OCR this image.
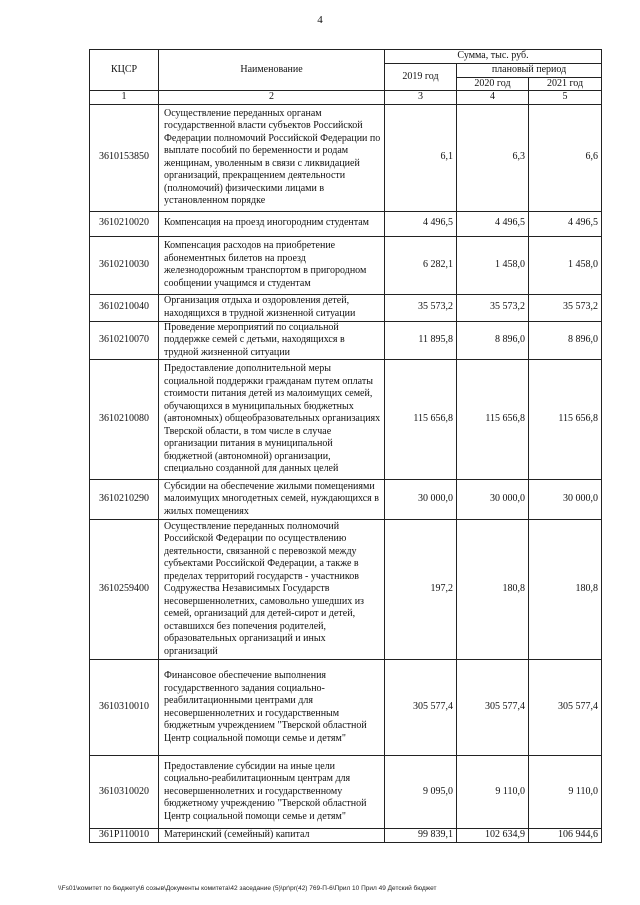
4
КЦСР	Наименование	Сумма, тыс. руб.		
		2019 год	плановый период	
			2020 год	2021 год
1	2	3	4	5
3610153850	Осуществление переданных органам государственной власти субъектов Российской Федерации полномочий Российской Федерации по выплате пособий по беременности и родам женщинам, уволенным в связи с ликвидацией организаций, прекращением деятельности (полномочий) физическими лицами в установленном порядке	6,1	6,3	6,6
3610210020	Компенсация на проезд иногородним студентам	4 496,5	4 496,5	4 496,5
3610210030	Компенсация расходов на приобретение абонементных билетов на проезд железнодорожным транспортом в пригородном сообщении учащимся и студентам	6 282,1	1 458,0	1 458,0
3610210040	Организация отдыха и оздоровления детей, находящихся в трудной жизненной ситуации	35 573,2	35 573,2	35 573,2
3610210070	Проведение мероприятий по социальной поддержке семей с детьми, находящихся в трудной жизненной ситуации	11 895,8	8 896,0	8 896,0
3610210080	Предоставление дополнительной меры социальной поддержки гражданам путем оплаты стоимости питания детей из малоимущих семей, обучающихся в муниципальных бюджетных (автономных) общеобразовательных организациях Тверской области, в том числе в случае организации питания в муниципальной бюджетной (автономной) организации, специально созданной для данных целей	115 656,8	115 656,8	115 656,8
3610210290	Субсидии на обеспечение жилыми помещениями малоимущих многодетных семей, нуждающихся в жилых помещениях	30 000,0	30 000,0	30 000,0
3610259400	Осуществление переданных полномочий Российской Федерации по осуществлению деятельности, связанной с перевозкой между субъектами Российской Федерации, а также в пределах территорий государств - участников Содружества Независимых Государств несовершеннолетних, самовольно ушедших из семей, организаций для детей-сирот и детей, оставшихся без попечения родителей, образовательных организаций и иных организаций	197,2	180,8	180,8
3610310010	Финансовое обеспечение выполнения государственного задания социально-реабилитационными центрами для несовершеннолетних и государственным бюджетным учреждением "Тверской областной Центр социальной помощи семье и детям"	305 577,4	305 577,4	305 577,4
3610310020	Предоставление субсидии на иные цели социально-реабилитационным центрам для несовершеннолетних и государственному бюджетному учреждению "Тверской областной Центр социальной помощи семье и детям"	9 095,0	9 110,0	9 110,0
361P110010	Материнский (семейный) капитал	99 839,1	102 634,9	106 944,6
\\Fs01\комитет по бюджету\6 созыв\Документы комитета\42 заседание (5)\pr\pr(42) 769-П-6\Прил 10 Прил 49 Детский бюджет
